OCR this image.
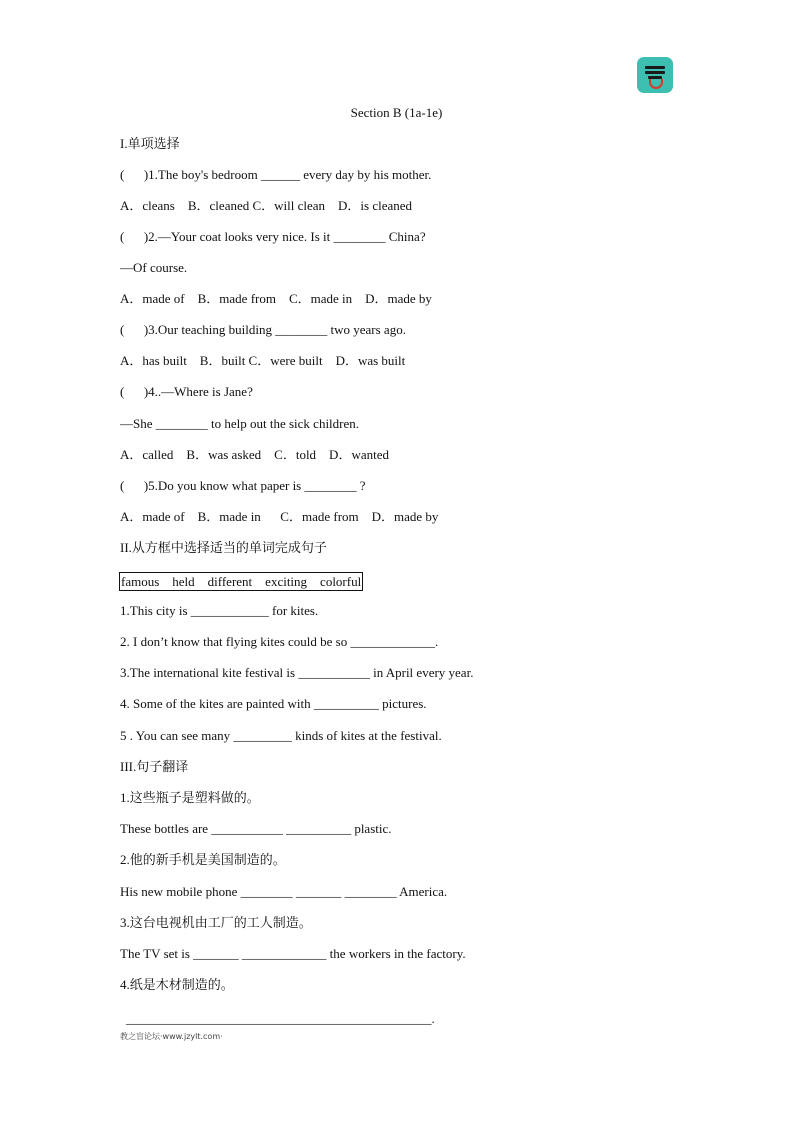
Section B (1a-1e)
I.单项选择
(      )1.The boy's bedroom ______ every day by his mother.
A．cleans    B．cleaned C．will clean    D．is cleaned
(      )2.—Your coat looks very nice. Is it ________ China?
—Of course.
A．made of    B．made from    C．made in    D．made by
(      )3.Our teaching building ________ two years ago.
A．has built    B．built C．were built    D．was built
(      )4..—Where is Jane?
—She ________ to help out the sick children.
A．called    B．was asked    C．told    D．wanted
(      )5.Do you know what paper is ________ ?
A．made of    B．made in      C．made from    D．made by
II.从方框中选择适当的单词完成句子
famous    held    different    exciting    colorful
1.This city is ____________ for kites.
2. I don’t know that flying kites could be so _____________.
3.The international kite festival is ___________ in April every year.
4. Some of the kites are painted with __________ pictures.
5 . You can see many _________ kinds of kites at the festival.
III.句子翻译
1.这些瓶子是塑料做的。
These bottles are ___________ __________ plastic.
2.他的新手机是美国制造的。
His new mobile phone ________ _______ ________ America.
3.这台电视机由工厂的工人制造。
The TV set is _______ _____________ the workers in the factory.
4.纸是木材制造的。
_______________________________________________.
教之盲论坛·www.jzylt.com·
